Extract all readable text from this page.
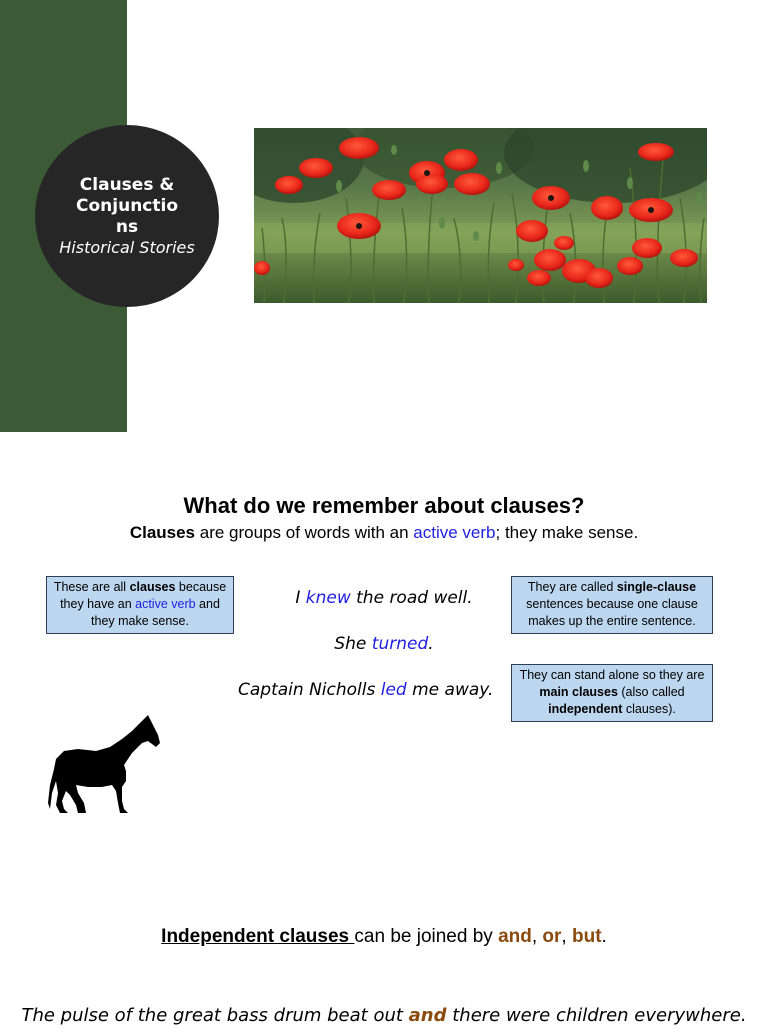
Clauses & Conjunctions
Historical Stories
What do we remember about clauses?
Clauses are groups of words with an active verb; they make sense.
These are all clauses because they have an active verb and they make sense.
They are called single-clause sentences because one clause makes up the entire sentence.
They can stand alone so they are main clauses (also called independent clauses).
I knew the road well.
She turned.
Captain Nicholls led me away.
Independent clauses can be joined by and, or, but.
The pulse of the great bass drum beat out and there were children everywhere.
